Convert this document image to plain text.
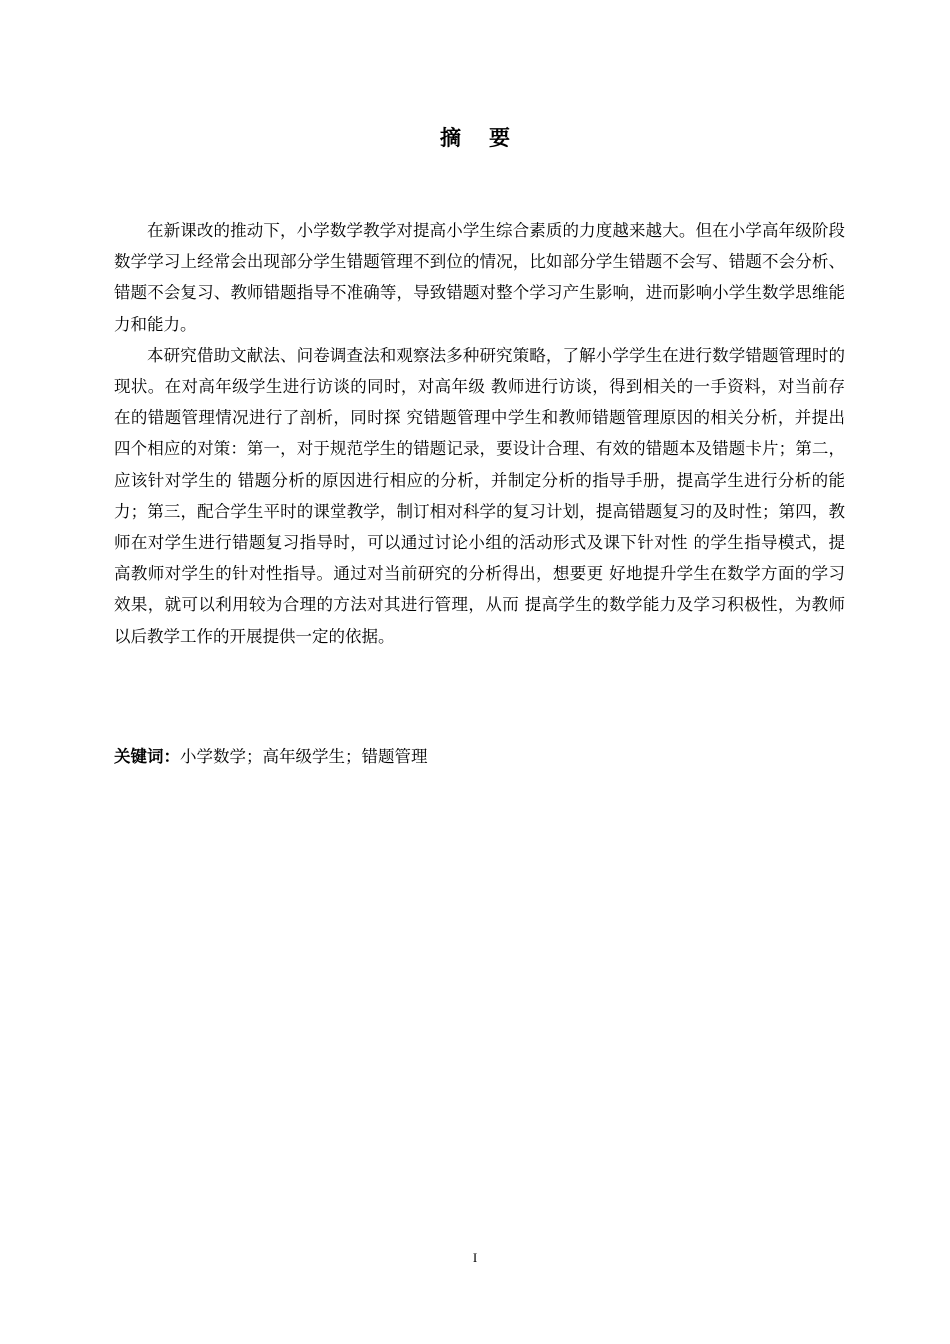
摘要

在新课改的推动下，小学数学教学对提高小学生综合素质的力度越来越大。但在小学高年级阶段数学学习上经常会出现部分学生错题管理不到位的情况，比如部分学生错题不会写、错题不会分析、错题不会复习、教师错题指导不准确等，导致错题对整个学习产生影响，进而影响小学生数学思维能力和能力。

本研究借助文献法、问卷调查法和观察法多种研究策略，了解小学学生在进行数学错题管理时的现状。在对高年级学生进行访谈的同时，对高年级 教师进行访谈，得到相关的一手资料，对当前存在的错题管理情况进行了剖析，同时探 究错题管理中学生和教师错题管理原因的相关分析，并提出四个相应的对策：第一，对于规范学生的错题记录，要设计合理、有效的错题本及错题卡片；第二，应该针对学生的 错题分析的原因进行相应的分析，并制定分析的指导手册，提高学生进行分析的能力；第三，配合学生平时的课堂教学，制订相对科学的复习计划，提高错题复习的及时性；第四，教师在对学生进行错题复习指导时，可以通过讨论小组的活动形式及课下针对性 的学生指导模式，提高教师对学生的针对性指导。通过对当前研究的分析得出，想要更 好地提升学生在数学方面的学习效果，就可以利用较为合理的方法对其进行管理，从而 提高学生的数学能力及学习积极性，为教师以后教学工作的开展提供一定的依据。

关键词：小学数学；高年级学生；错题管理
I
